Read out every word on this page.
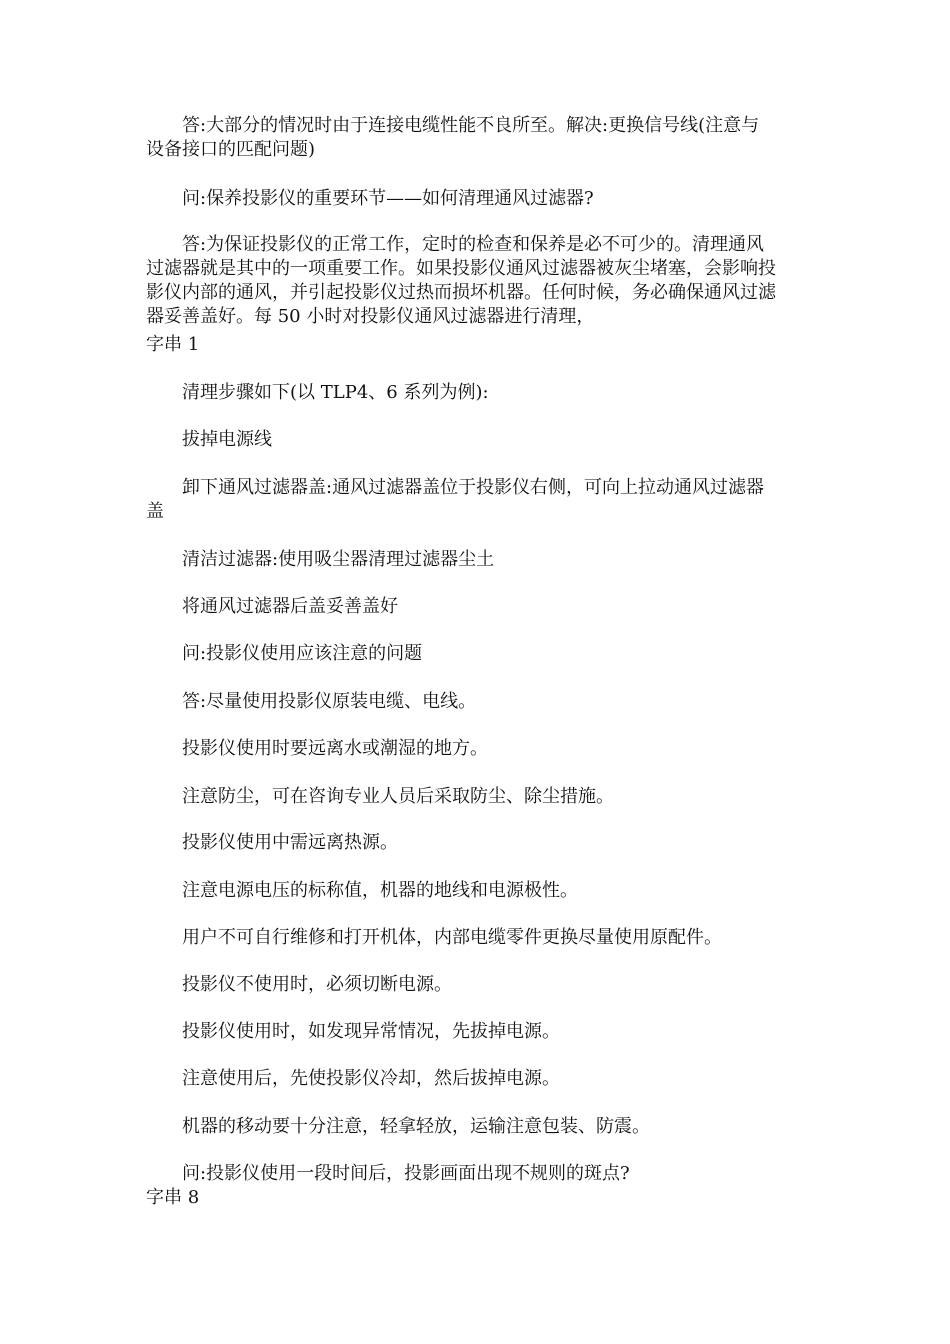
答:大部分的情况时由于连接电缆性能不良所至。解决:更换信号线(注意与
设备接口的匹配问题)
问:保养投影仪的重要环节——如何清理通风过滤器?
答:为保证投影仪的正常工作，定时的检查和保养是必不可少的。清理通风
过滤器就是其中的一项重要工作。如果投影仪通风过滤器被灰尘堵塞，会影响投
影仪内部的通风，并引起投影仪过热而损坏机器。任何时候，务必确保通风过滤
器妥善盖好。每 50 小时对投影仪通风过滤器进行清理，
字串 1
清理步骤如下(以 TLP4、6 系列为例):
拔掉电源线
卸下通风过滤器盖:通风过滤器盖位于投影仪右侧，可向上拉动通风过滤器
盖
清洁过滤器:使用吸尘器清理过滤器尘土
将通风过滤器后盖妥善盖好
问:投影仪使用应该注意的问题
答:尽量使用投影仪原装电缆、电线。
投影仪使用时要远离水或潮湿的地方。
注意防尘，可在咨询专业人员后采取防尘、除尘措施。
投影仪使用中需远离热源。
注意电源电压的标称值，机器的地线和电源极性。
用户不可自行维修和打开机体，内部电缆零件更换尽量使用原配件。
投影仪不使用时，必须切断电源。
投影仪使用时，如发现异常情况，先拔掉电源。
注意使用后，先使投影仪冷却，然后拔掉电源。
机器的移动要十分注意，轻拿轻放，运输注意包装、防震。
问:投影仪使用一段时间后，投影画面出现不规则的斑点?
字串 8
